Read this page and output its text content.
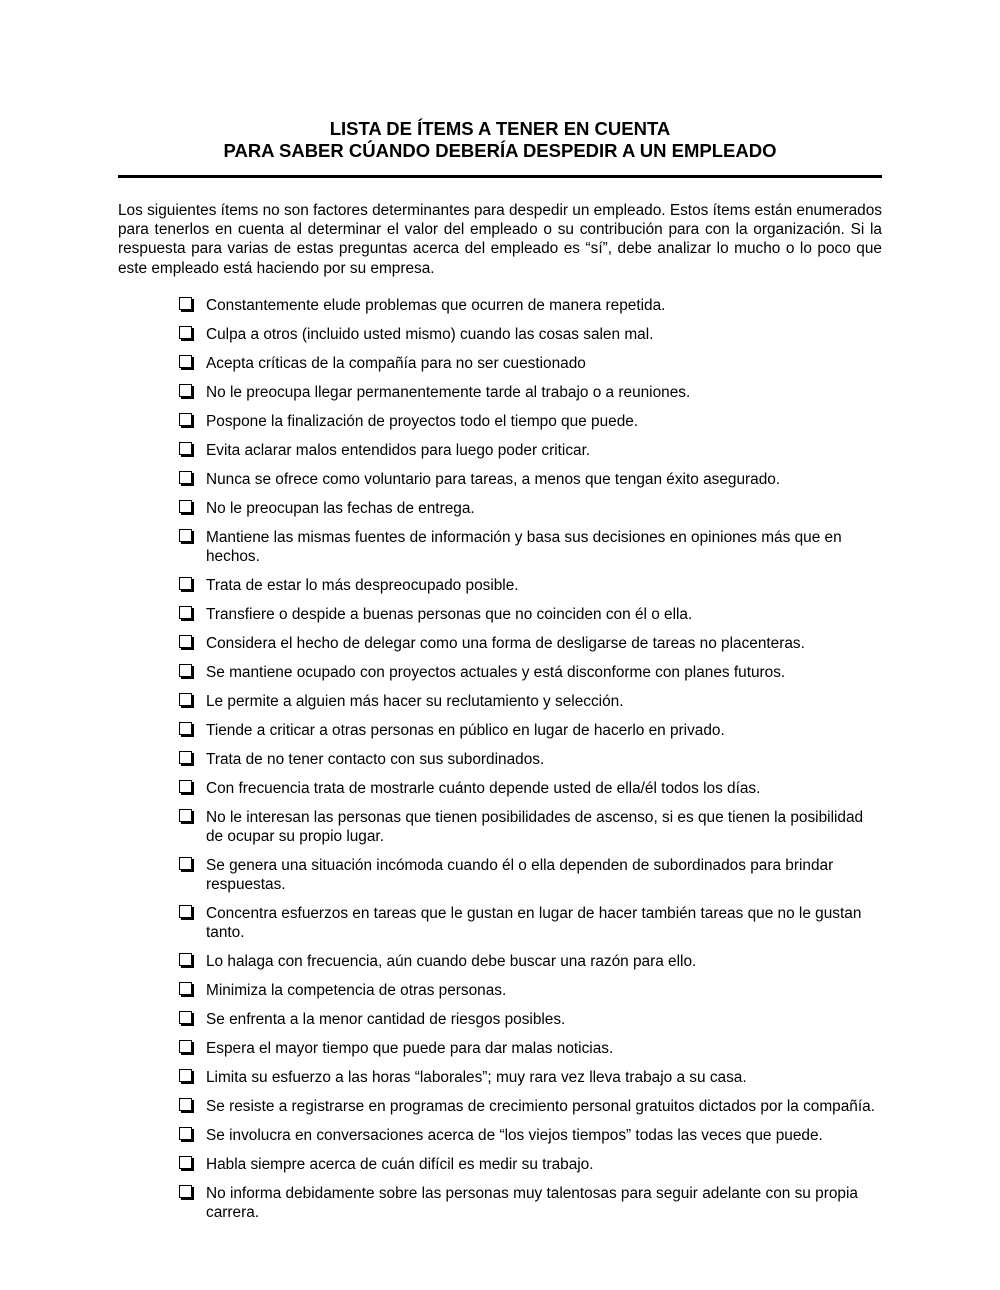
LISTA DE ÍTEMS A TENER EN CUENTA
PARA SABER CÚANDO DEBERÍA DESPEDIR A UN EMPLEADO

Los siguientes ítems no son factores determinantes para despedir un empleado. Estos ítems están enumerados para tenerlos en cuenta al determinar el valor del empleado o su contribución para con la organización. Si la respuesta para varias de estas preguntas acerca del empleado es “sí”, debe analizar lo mucho o lo poco que este empleado está haciendo por su empresa.

Constantemente elude problemas que ocurren de manera repetida.
Culpa a otros (incluido usted mismo) cuando las cosas salen mal.
Acepta críticas de la compañía para no ser cuestionado
No le preocupa llegar permanentemente tarde al trabajo o a reuniones.
Pospone la finalización de proyectos todo el tiempo que puede.
Evita aclarar malos entendidos para luego poder criticar.
Nunca se ofrece como voluntario para tareas, a menos que tengan éxito asegurado.
No le preocupan las fechas de entrega.
Mantiene las mismas fuentes de información y basa sus decisiones en opiniones más que en hechos.
Trata de estar lo más despreocupado posible.
Transfiere o despide a buenas personas que no coinciden con él o ella.
Considera el hecho de delegar como una forma de desligarse de tareas no placenteras.
Se mantiene ocupado con proyectos actuales y está disconforme con planes futuros.
Le permite a alguien más hacer su reclutamiento y selección.
Tiende a criticar a otras personas en público en lugar de hacerlo en privado.
Trata de no tener contacto con sus subordinados.
Con frecuencia trata de mostrarle cuánto depende usted de ella/él todos los días.
No le interesan las personas que tienen posibilidades de ascenso, si es que tienen la posibilidad de ocupar su propio lugar.
Se genera una situación incómoda cuando él o ella dependen de subordinados para brindar respuestas.
Concentra esfuerzos en tareas que le gustan en lugar de hacer también tareas que no le gustan tanto.
Lo halaga con frecuencia, aún cuando debe buscar una razón para ello.
Minimiza la competencia de otras personas.
Se enfrenta a la menor cantidad de riesgos posibles.
Espera el mayor tiempo que puede para dar malas noticias.
Limita su esfuerzo a las horas “laborales”; muy rara vez lleva trabajo a su casa.
Se resiste a registrarse en programas de crecimiento personal gratuitos dictados por la compañía.
Se involucra en conversaciones acerca de “los viejos tiempos” todas las veces que puede.
Habla siempre acerca de cuán difícil es medir su trabajo.
No informa debidamente sobre las personas muy talentosas para seguir adelante con su propia carrera.
